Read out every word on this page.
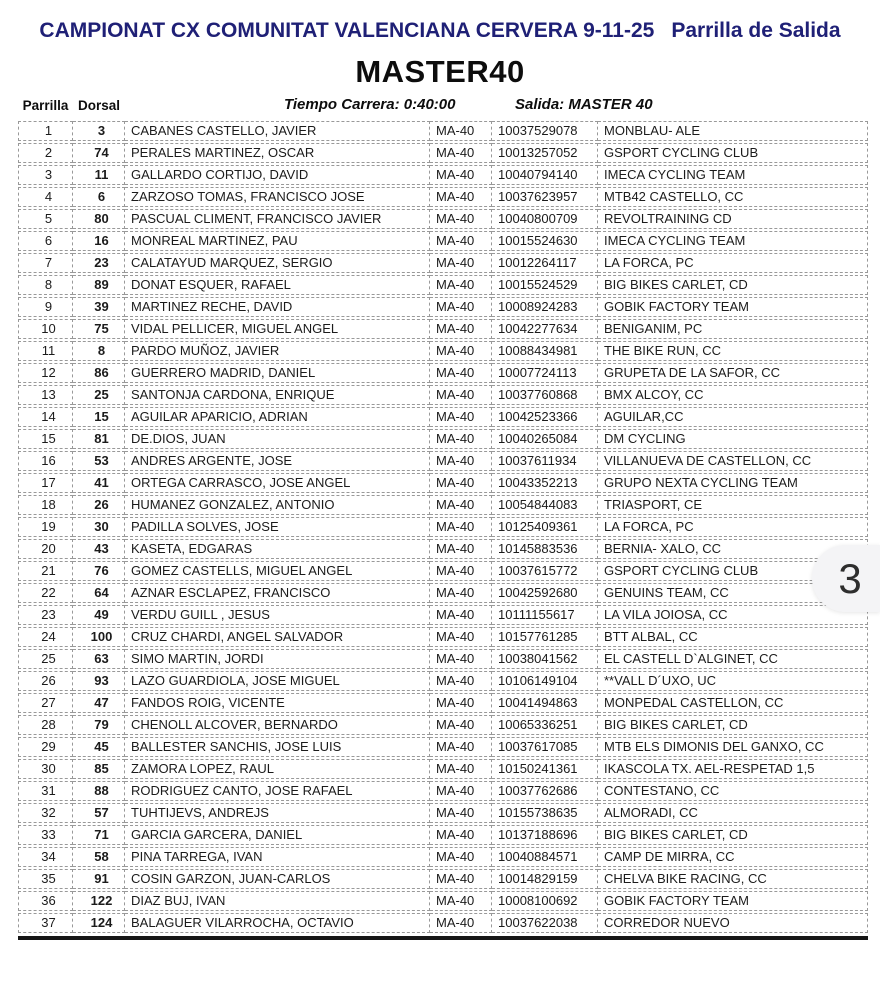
CAMPIONAT CX COMUNITAT VALENCIANA CERVERA 9-11-25 Parrilla de Salida
MASTER40
Parrilla Dorsal	Tiempo Carrera: 0:40:00	Salida: MASTER 40
1	3	CABANES CASTELLO, JAVIER	MA-40	10037529078	MONBLAU- ALE
2	74	PERALES MARTINEZ, OSCAR	MA-40	10013257052	GSPORT CYCLING CLUB
3	11	GALLARDO CORTIJO, DAVID	MA-40	10040794140	IMECA CYCLING TEAM
4	6	ZARZOSO TOMAS, FRANCISCO JOSE	MA-40	10037623957	MTB42 CASTELLO, CC
5	80	PASCUAL CLIMENT, FRANCISCO JAVIER	MA-40	10040800709	REVOLTRAINING CD
6	16	MONREAL MARTINEZ, PAU	MA-40	10015524630	IMECA CYCLING TEAM
7	23	CALATAYUD MARQUEZ, SERGIO	MA-40	10012264117	LA FORCA, PC
8	89	DONAT ESQUER, RAFAEL	MA-40	10015524529	BIG BIKES CARLET, CD
9	39	MARTINEZ RECHE, DAVID	MA-40	10008924283	GOBIK FACTORY TEAM
10	75	VIDAL PELLICER, MIGUEL ANGEL	MA-40	10042277634	BENIGANIM, PC
11	8	PARDO MUÑOZ, JAVIER	MA-40	10088434981	THE BIKE RUN, CC
12	86	GUERRERO MADRID, DANIEL	MA-40	10007724113	GRUPETA DE LA SAFOR, CC
13	25	SANTONJA CARDONA, ENRIQUE	MA-40	10037760868	BMX ALCOY, CC
14	15	AGUILAR APARICIO, ADRIAN	MA-40	10042523366	AGUILAR,CC
15	81	DE.DIOS, JUAN	MA-40	10040265084	DM CYCLING
16	53	ANDRES ARGENTE, JOSE	MA-40	10037611934	VILLANUEVA DE CASTELLON, CC
17	41	ORTEGA CARRASCO, JOSE ANGEL	MA-40	10043352213	GRUPO NEXTA CYCLING TEAM
18	26	HUMANEZ GONZALEZ, ANTONIO	MA-40	10054844083	TRIASPORT, CE
19	30	PADILLA SOLVES, JOSE	MA-40	10125409361	LA FORCA, PC
20	43	KASETA, EDGARAS	MA-40	10145883536	BERNIA- XALO, CC
21	76	GOMEZ CASTELLS, MIGUEL ANGEL	MA-40	10037615772	GSPORT CYCLING CLUB
22	64	AZNAR ESCLAPEZ, FRANCISCO	MA-40	10042592680	GENUINS TEAM, CC
23	49	VERDU GUILL , JESUS	MA-40	10111155617	LA VILA JOIOSA, CC
24	100	CRUZ CHARDI, ANGEL SALVADOR	MA-40	10157761285	BTT ALBAL, CC
25	63	SIMO MARTIN, JORDI	MA-40	10038041562	EL CASTELL D`ALGINET, CC
26	93	LAZO GUARDIOLA, JOSE MIGUEL	MA-40	10106149104	**VALL D´UXO, UC
27	47	FANDOS ROIG, VICENTE	MA-40	10041494863	MONPEDAL CASTELLON, CC
28	79	CHENOLL ALCOVER, BERNARDO	MA-40	10065336251	BIG BIKES CARLET, CD
29	45	BALLESTER SANCHIS, JOSE LUIS	MA-40	10037617085	MTB ELS DIMONIS DEL GANXO, CC
30	85	ZAMORA LOPEZ, RAUL	MA-40	10150241361	IKASCOLA TX. AEL-RESPETAD 1,5
31	88	RODRIGUEZ CANTO, JOSE RAFAEL	MA-40	10037762686	CONTESTANO, CC
32	57	TUHTIJEVS, ANDREJS	MA-40	10155738635	ALMORADI, CC
33	71	GARCIA GARCERA, DANIEL	MA-40	10137188696	BIG BIKES CARLET, CD
34	58	PINA TARREGA, IVAN	MA-40	10040884571	CAMP DE MIRRA, CC
35	91	COSIN GARZON, JUAN-CARLOS	MA-40	10014829159	CHELVA BIKE RACING, CC
36	122	DIAZ BUJ, IVAN	MA-40	10008100692	GOBIK FACTORY TEAM
37	124	BALAGUER VILARROCHA, OCTAVIO	MA-40	10037622038	CORREDOR NUEVO
3
